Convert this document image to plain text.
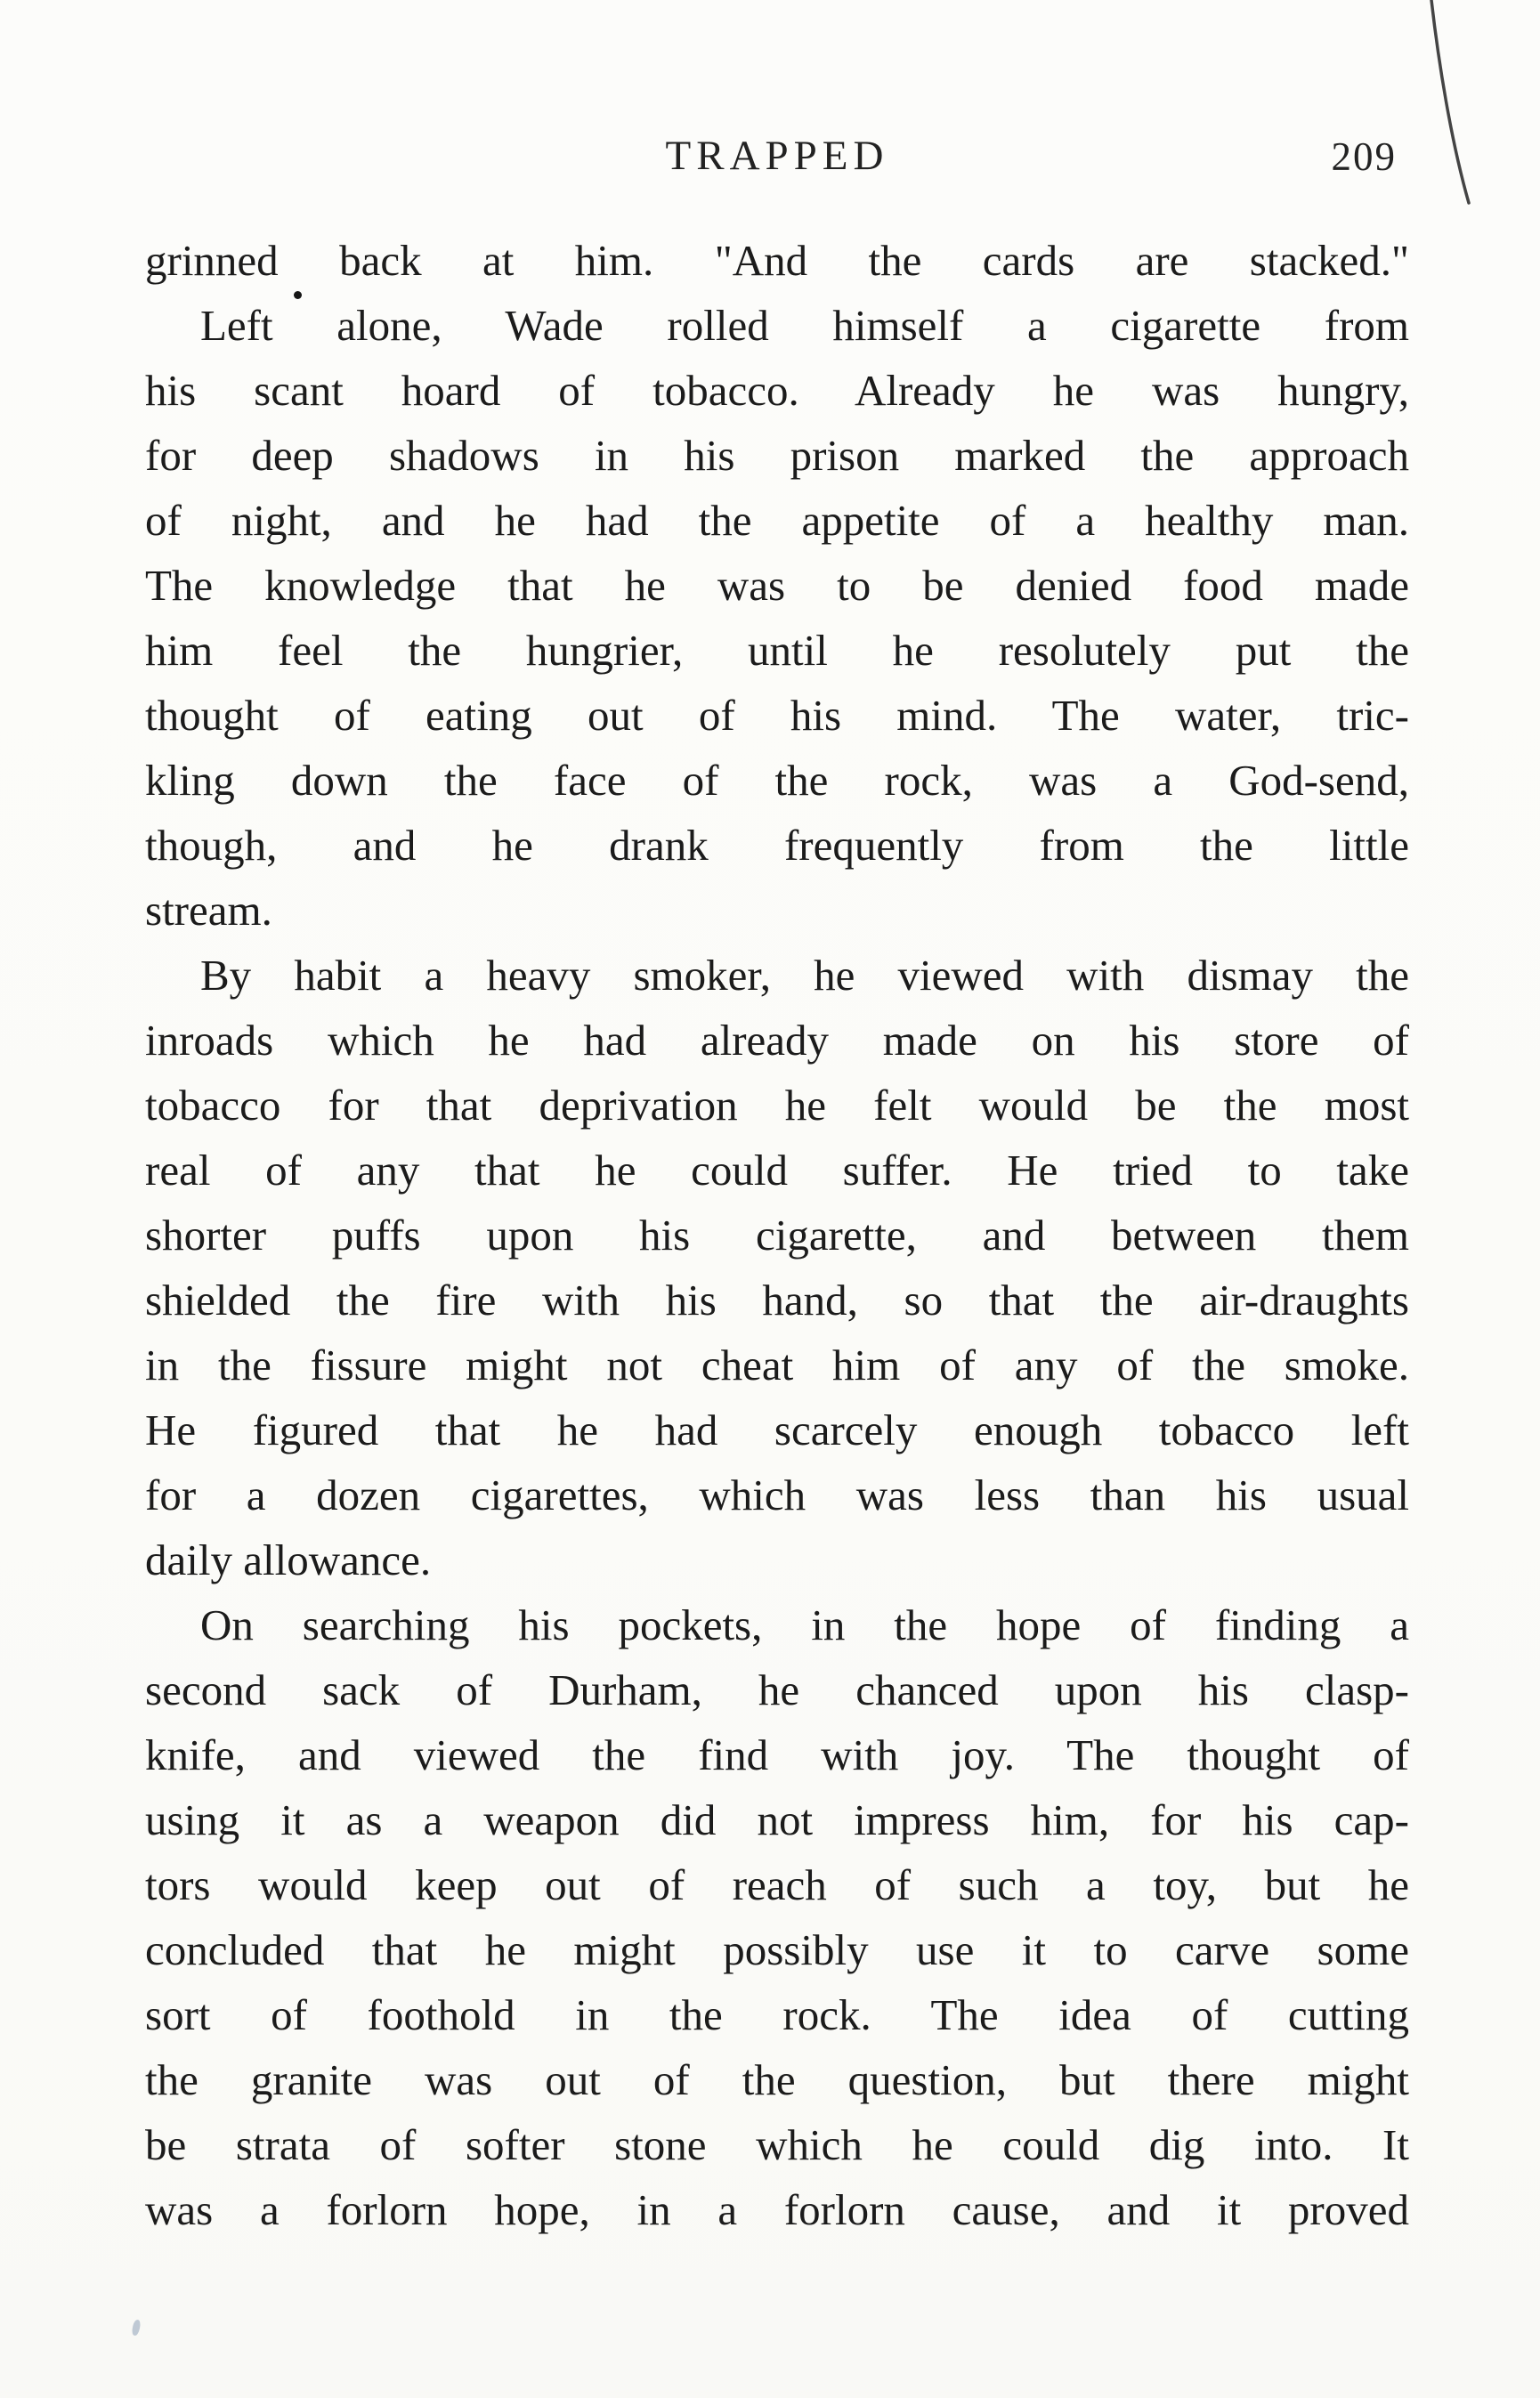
TRAPPED	209
grinned back at him. "And the cards are stacked."
Left alone, Wade rolled himself a cigarette from
his scant hoard of tobacco. Already he was hungry,
for deep shadows in his prison marked the approach
of night, and he had the appetite of a healthy man.
The knowledge that he was to be denied food made
him feel the hungrier, until he resolutely put the
thought of eating out of his mind. The water, tric-
kling down the face of the rock, was a God-send,
though, and he drank frequently from the little
stream.
By habit a heavy smoker, he viewed with dismay the
inroads which he had already made on his store of
tobacco for that deprivation he felt would be the most
real of any that he could suffer. He tried to take
shorter puffs upon his cigarette, and between them
shielded the fire with his hand, so that the air-draughts
in the fissure might not cheat him of any of the smoke.
He figured that he had scarcely enough tobacco left
for a dozen cigarettes, which was less than his usual
daily allowance.
On searching his pockets, in the hope of finding a
second sack of Durham, he chanced upon his clasp-
knife, and viewed the find with joy. The thought of
using it as a weapon did not impress him, for his cap-
tors would keep out of reach of such a toy, but he
concluded that he might possibly use it to carve some
sort of foothold in the rock. The idea of cutting
the granite was out of the question, but there might
be strata of softer stone which he could dig into. It
was a forlorn hope, in a forlorn cause, and it proved
